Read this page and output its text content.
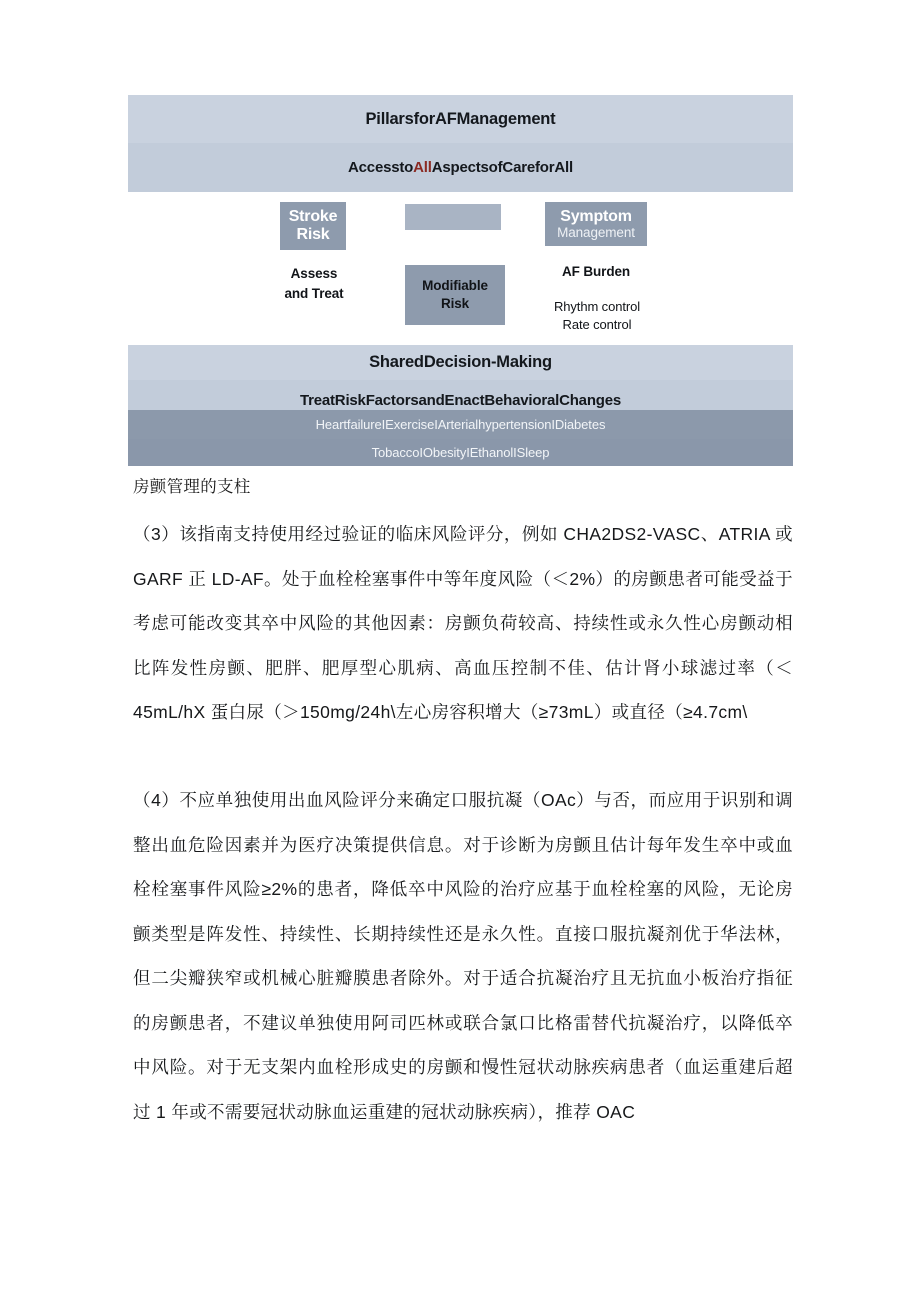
PillarsforAFManagement
AccesstoAllAspectsofCareforAll
Stroke
Risk
Assess
and Treat
Modifiable
Risk
Symptom
Management
AF Burden
Rhythm control
Rate control
SharedDecision-Making
TreatRiskFactorsandEnactBehavioralChanges
HeartfailureIExerciseIArterialhypertensionIDiabetes
TobaccoIObesityIEthanolISleep
房颤管理的支柱
（3）该指南支持使用经过验证的临床风险评分，例如 CHA2DS2-VASC、ATRIA 或 GARF 正 LD-AF。处于血栓栓塞事件中等年度风险（＜2%）的房颤患者可能受益于考虑可能改变其卒中风险的其他因素：房颤负荷较高、持续性或永久性心房颤动相比阵发性房颤、肥胖、肥厚型心肌病、高血压控制不佳、估计肾小球滤过率（＜45mL/hX 蛋白尿（＞150mg/24h\左心房容积增大（≥73mL）或直径（≥4.7cm\
（4）不应单独使用出血风险评分来确定口服抗凝（OAc）与否，而应用于识别和调整出血危险因素并为医疗决策提供信息。对于诊断为房颤且估计每年发生卒中或血栓栓塞事件风险≥2%的患者，降低卒中风险的治疗应基于血栓栓塞的风险，无论房颤类型是阵发性、持续性、长期持续性还是永久性。直接口服抗凝剂优于华法林，但二尖瓣狭窄或机械心脏瓣膜患者除外。对于适合抗凝治疗且无抗血小板治疗指征的房颤患者，不建议单独使用阿司匹林或联合氯口比格雷替代抗凝治疗，以降低卒中风险。对于无支架内血栓形成史的房颤和慢性冠状动脉疾病患者（血运重建后超过 1 年或不需要冠状动脉血运重建的冠状动脉疾病），推荐 OAC
